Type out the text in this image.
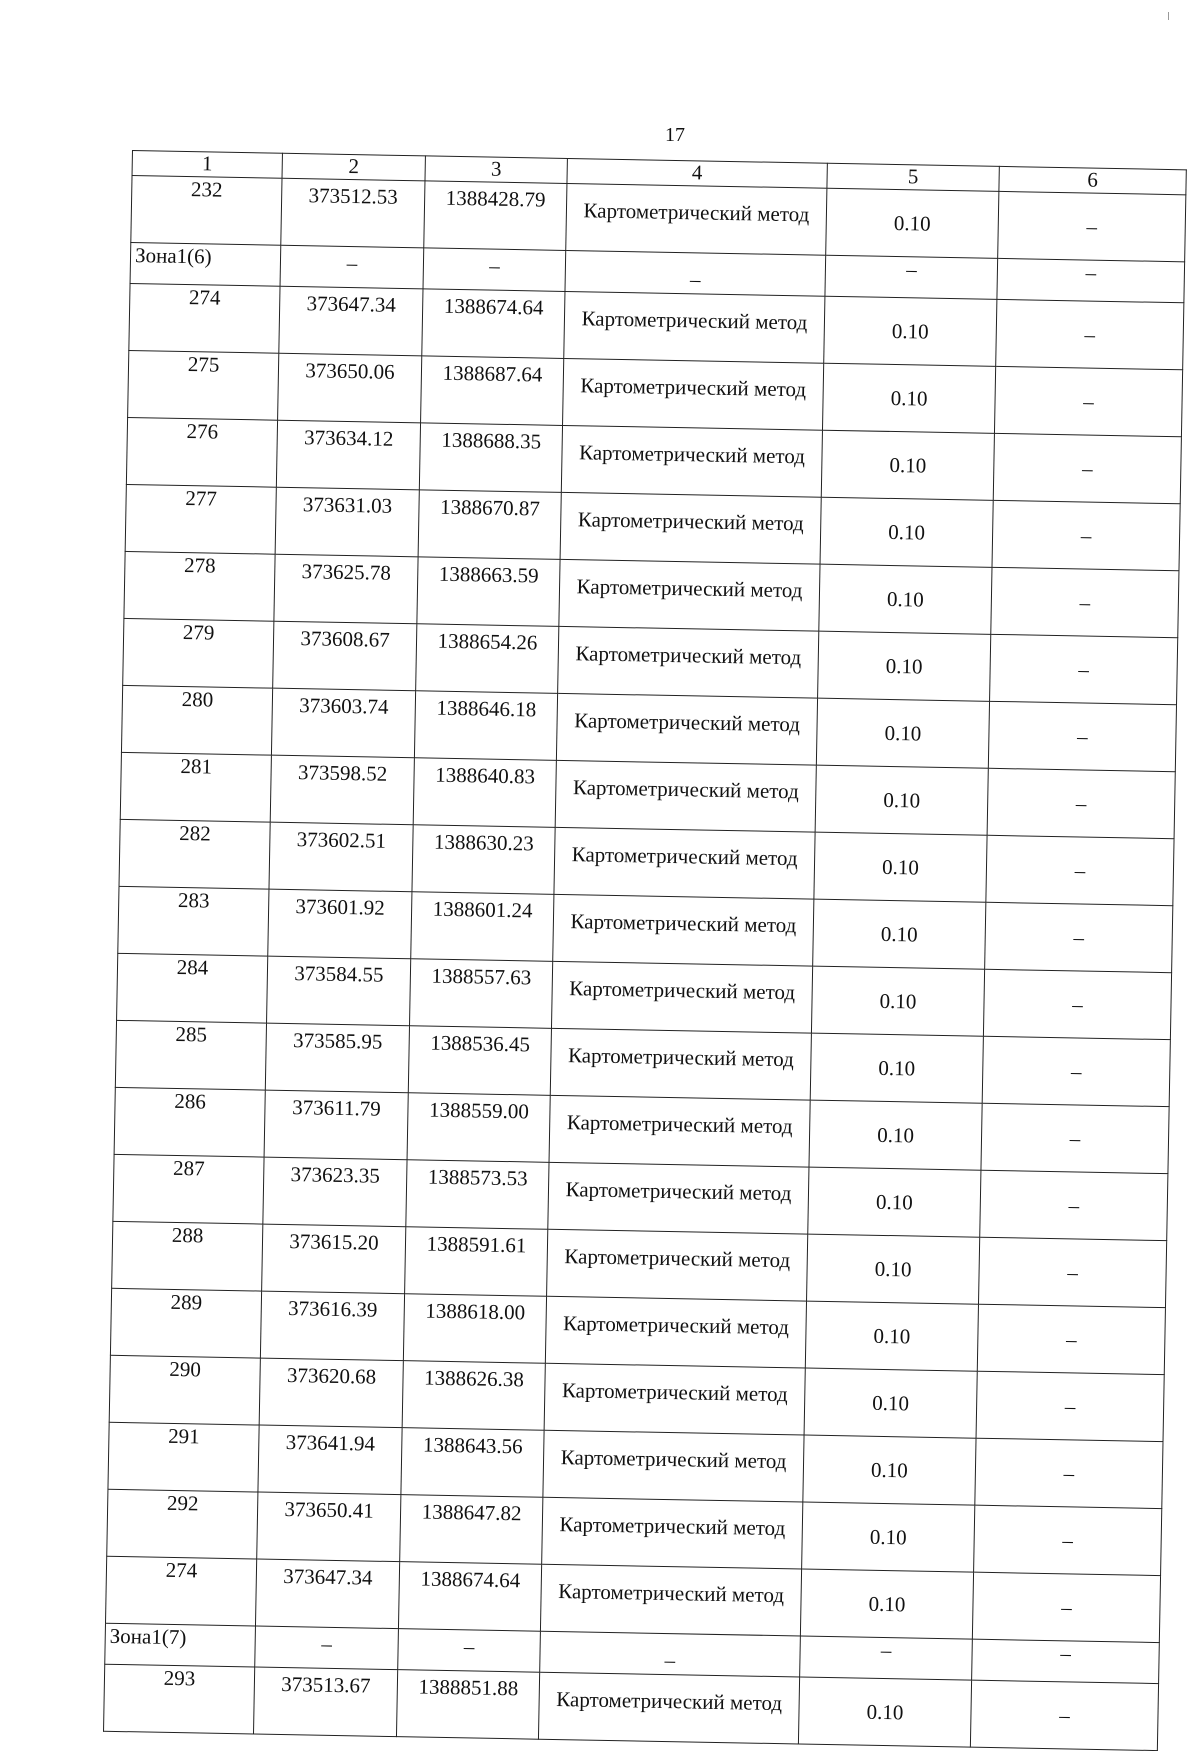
17
1	2	3	4	5	6
232	373512.53	1388428.79	Картометрический метод	0.10	–
Зона1(6)	–	–	–	–	–
274	373647.34	1388674.64	Картометрический метод	0.10	–
275	373650.06	1388687.64	Картометрический метод	0.10	–
276	373634.12	1388688.35	Картометрический метод	0.10	–
277	373631.03	1388670.87	Картометрический метод	0.10	–
278	373625.78	1388663.59	Картометрический метод	0.10	–
279	373608.67	1388654.26	Картометрический метод	0.10	–
280	373603.74	1388646.18	Картометрический метод	0.10	–
281	373598.52	1388640.83	Картометрический метод	0.10	–
282	373602.51	1388630.23	Картометрический метод	0.10	–
283	373601.92	1388601.24	Картометрический метод	0.10	–
284	373584.55	1388557.63	Картометрический метод	0.10	–
285	373585.95	1388536.45	Картометрический метод	0.10	–
286	373611.79	1388559.00	Картометрический метод	0.10	–
287	373623.35	1388573.53	Картометрический метод	0.10	–
288	373615.20	1388591.61	Картометрический метод	0.10	–
289	373616.39	1388618.00	Картометрический метод	0.10	–
290	373620.68	1388626.38	Картометрический метод	0.10	–
291	373641.94	1388643.56	Картометрический метод	0.10	–
292	373650.41	1388647.82	Картометрический метод	0.10	–
274	373647.34	1388674.64	Картометрический метод	0.10	–
Зона1(7)	–	–	–	–	–
293	373513.67	1388851.88	Картометрический метод	0.10	–
